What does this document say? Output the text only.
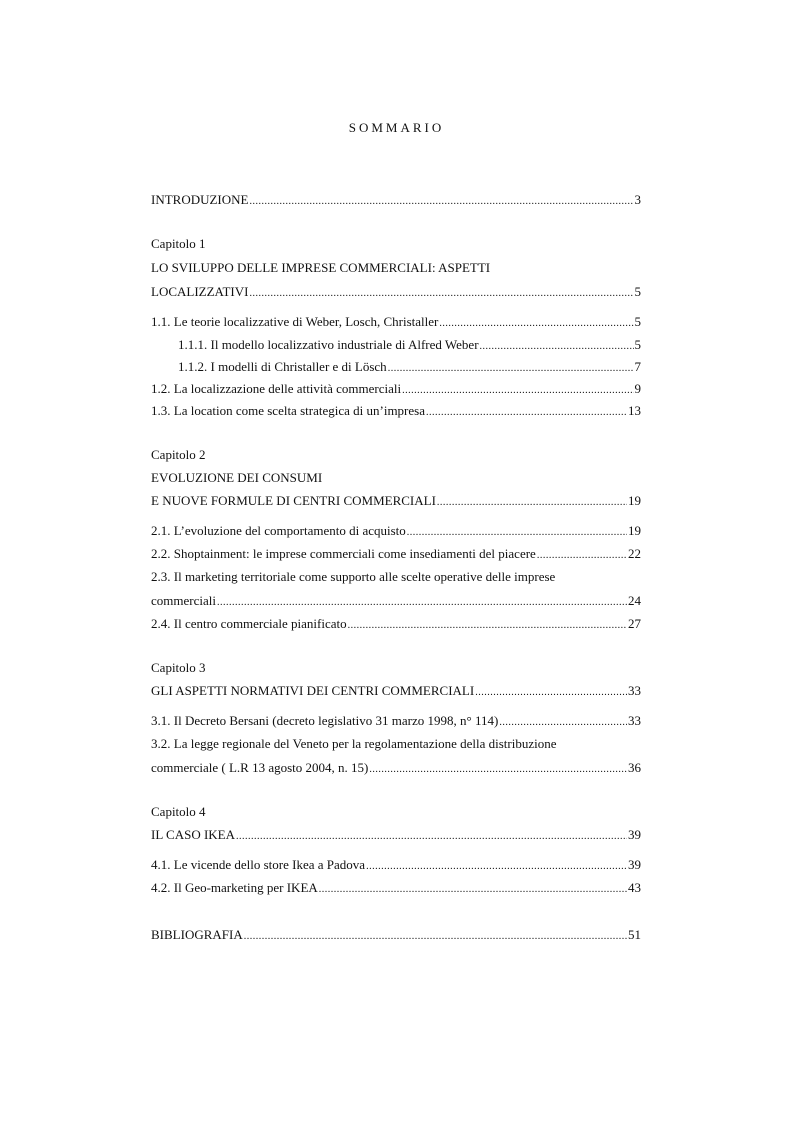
SOMMARIO
INTRODUZIONE .....	3
Capitolo 1
LO SVILUPPO DELLE IMPRESE COMMERCIALI: ASPETTI
LOCALIZZATIVI .....	5
1.1. Le teorie localizzative di Weber, Losch, Christaller .....	5
1.1.1. Il modello localizzativo industriale di Alfred Weber .....	5
1.1.2. I modelli di Christaller e di Lösch .....	7
1.2. La localizzazione delle attività commerciali .....	9
1.3. La location come scelta strategica di un’impresa .....	13
Capitolo 2
EVOLUZIONE DEI CONSUMI
E NUOVE FORMULE DI CENTRI COMMERCIALI .....	19
2.1. L’evoluzione del comportamento di acquisto .....	19
2.2. Shoptainment: le imprese commerciali come insediamenti del piacere .....	22
2.3. Il marketing territoriale come supporto alle scelte operative delle imprese
commerciali .....	24
2.4. Il centro commerciale pianificato .....	27
Capitolo 3
GLI ASPETTI NORMATIVI DEI CENTRI COMMERCIALI .....	33
3.1. Il Decreto Bersani (decreto legislativo 31 marzo 1998, n° 114) .....	33
3.2. La legge regionale del Veneto per la regolamentazione della distribuzione
commerciale ( L.R 13 agosto 2004, n. 15) .....	36
Capitolo 4
IL CASO IKEA .....	39
4.1. Le vicende dello store Ikea a Padova .....	39
4.2. Il Geo-marketing per IKEA .....	43
BIBLIOGRAFIA .....	51
